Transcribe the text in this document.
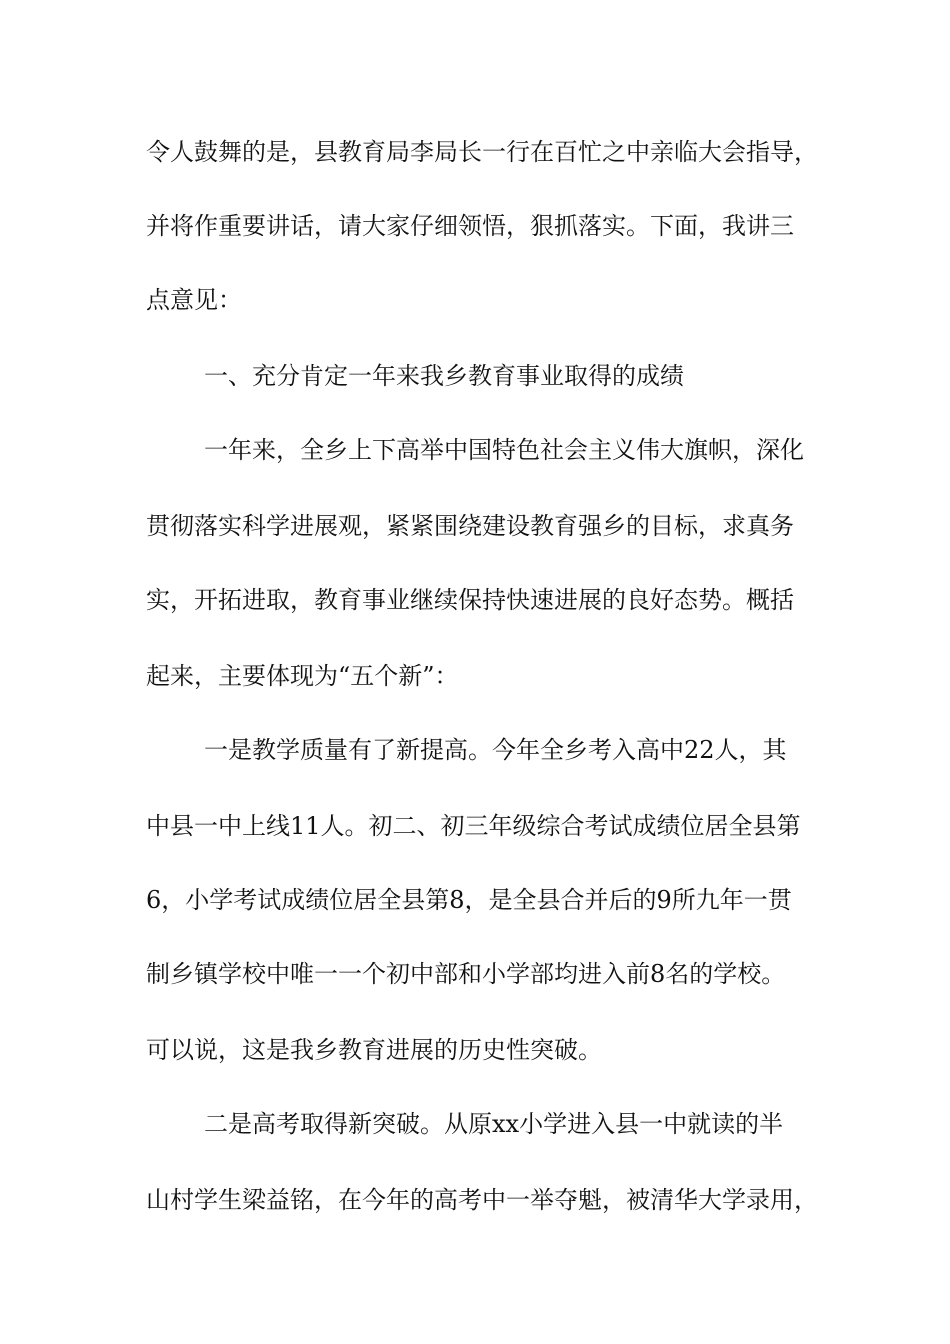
令人鼓舞的是，县教育局李局长一行在百忙之中亲临大会指导，

并将作重要讲话，请大家仔细领悟，狠抓落实。下面，我讲三

点意见：

一、充分肯定一年来我乡教育事业取得的成绩

一年来，全乡上下高举中国特色社会主义伟大旗帜，深化

贯彻落实科学进展观，紧紧围绕建设教育强乡的目标，求真务

实，开拓进取，教育事业继续保持快速进展的良好态势。概括

起来，主要体现为“五个新”：

一是教学质量有了新提高。今年全乡考入高中22人，其

中县一中上线11人。初二、初三年级综合考试成绩位居全县第

6，小学考试成绩位居全县第8，是全县合并后的9所九年一贯

制乡镇学校中唯一一个初中部和小学部均进入前8名的学校。

可以说，这是我乡教育进展的历史性突破。

二是高考取得新突破。从原xx小学进入县一中就读的半

山村学生梁益铭，在今年的高考中一举夺魁，被清华大学录用，
